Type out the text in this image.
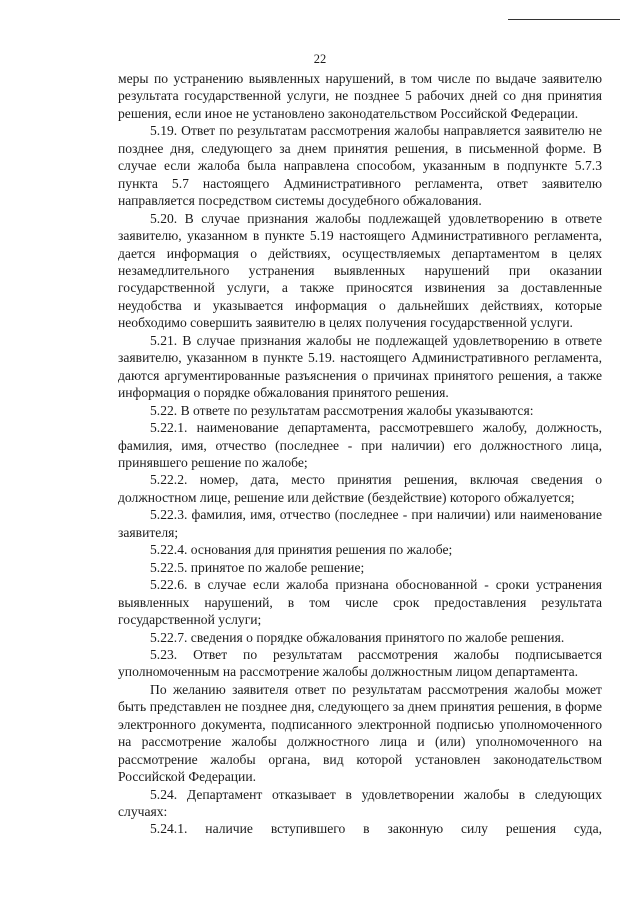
22

меры по устранению выявленных нарушений, в том числе по выдаче заявителю результата государственной услуги, не позднее 5 рабочих дней со дня принятия решения, если иное не установлено законодательством Российской Федерации.

5.19. Ответ по результатам рассмотрения жалобы направляется заявителю не позднее дня, следующего за днем принятия решения, в письменной форме. В случае если жалоба была направлена способом, указанным в подпункте 5.7.3 пункта 5.7 настоящего Административного регламента, ответ заявителю направляется посредством системы досудебного обжалования.

5.20. В случае признания жалобы подлежащей удовлетворению в ответе заявителю, указанном в пункте 5.19 настоящего Административного регламента, дается информация о действиях, осуществляемых департаментом в целях незамедлительного устранения выявленных нарушений при оказании государственной услуги, а также приносятся извинения за доставленные неудобства и указывается информация о дальнейших действиях, которые необходимо совершить заявителю в целях получения государственной услуги.

5.21. В случае признания жалобы не подлежащей удовлетворению в ответе заявителю, указанном в пункте 5.19. настоящего Административного регламента, даются аргументированные разъяснения о причинах принятого решения, а также информация о порядке обжалования принятого решения.

5.22. В ответе по результатам рассмотрения жалобы указываются:

5.22.1. наименование департамента, рассмотревшего жалобу, должность, фамилия, имя, отчество (последнее - при наличии) его должностного лица, принявшего решение по жалобе;

5.22.2. номер, дата, место принятия решения, включая сведения о должностном лице, решение или действие (бездействие) которого обжалуется;

5.22.3. фамилия, имя, отчество (последнее - при наличии) или наименование заявителя;

5.22.4. основания для принятия решения по жалобе;

5.22.5. принятое по жалобе решение;

5.22.6. в случае если жалоба признана обоснованной - сроки устранения выявленных нарушений, в том числе срок предоставления результата государственной услуги;

5.22.7. сведения о порядке обжалования принятого по жалобе решения.

5.23. Ответ по результатам рассмотрения жалобы подписывается уполномоченным на рассмотрение жалобы должностным лицом департамента.

По желанию заявителя ответ по результатам рассмотрения жалобы может быть представлен не позднее дня, следующего за днем принятия решения, в форме электронного документа, подписанного электронной подписью уполномоченного на рассмотрение жалобы должностного лица и (или) уполномоченного на рассмотрение жалобы органа, вид которой установлен законодательством Российской Федерации.

5.24. Департамент отказывает в удовлетворении жалобы в следующих случаях:

5.24.1. наличие вступившего в законную силу решения суда,
